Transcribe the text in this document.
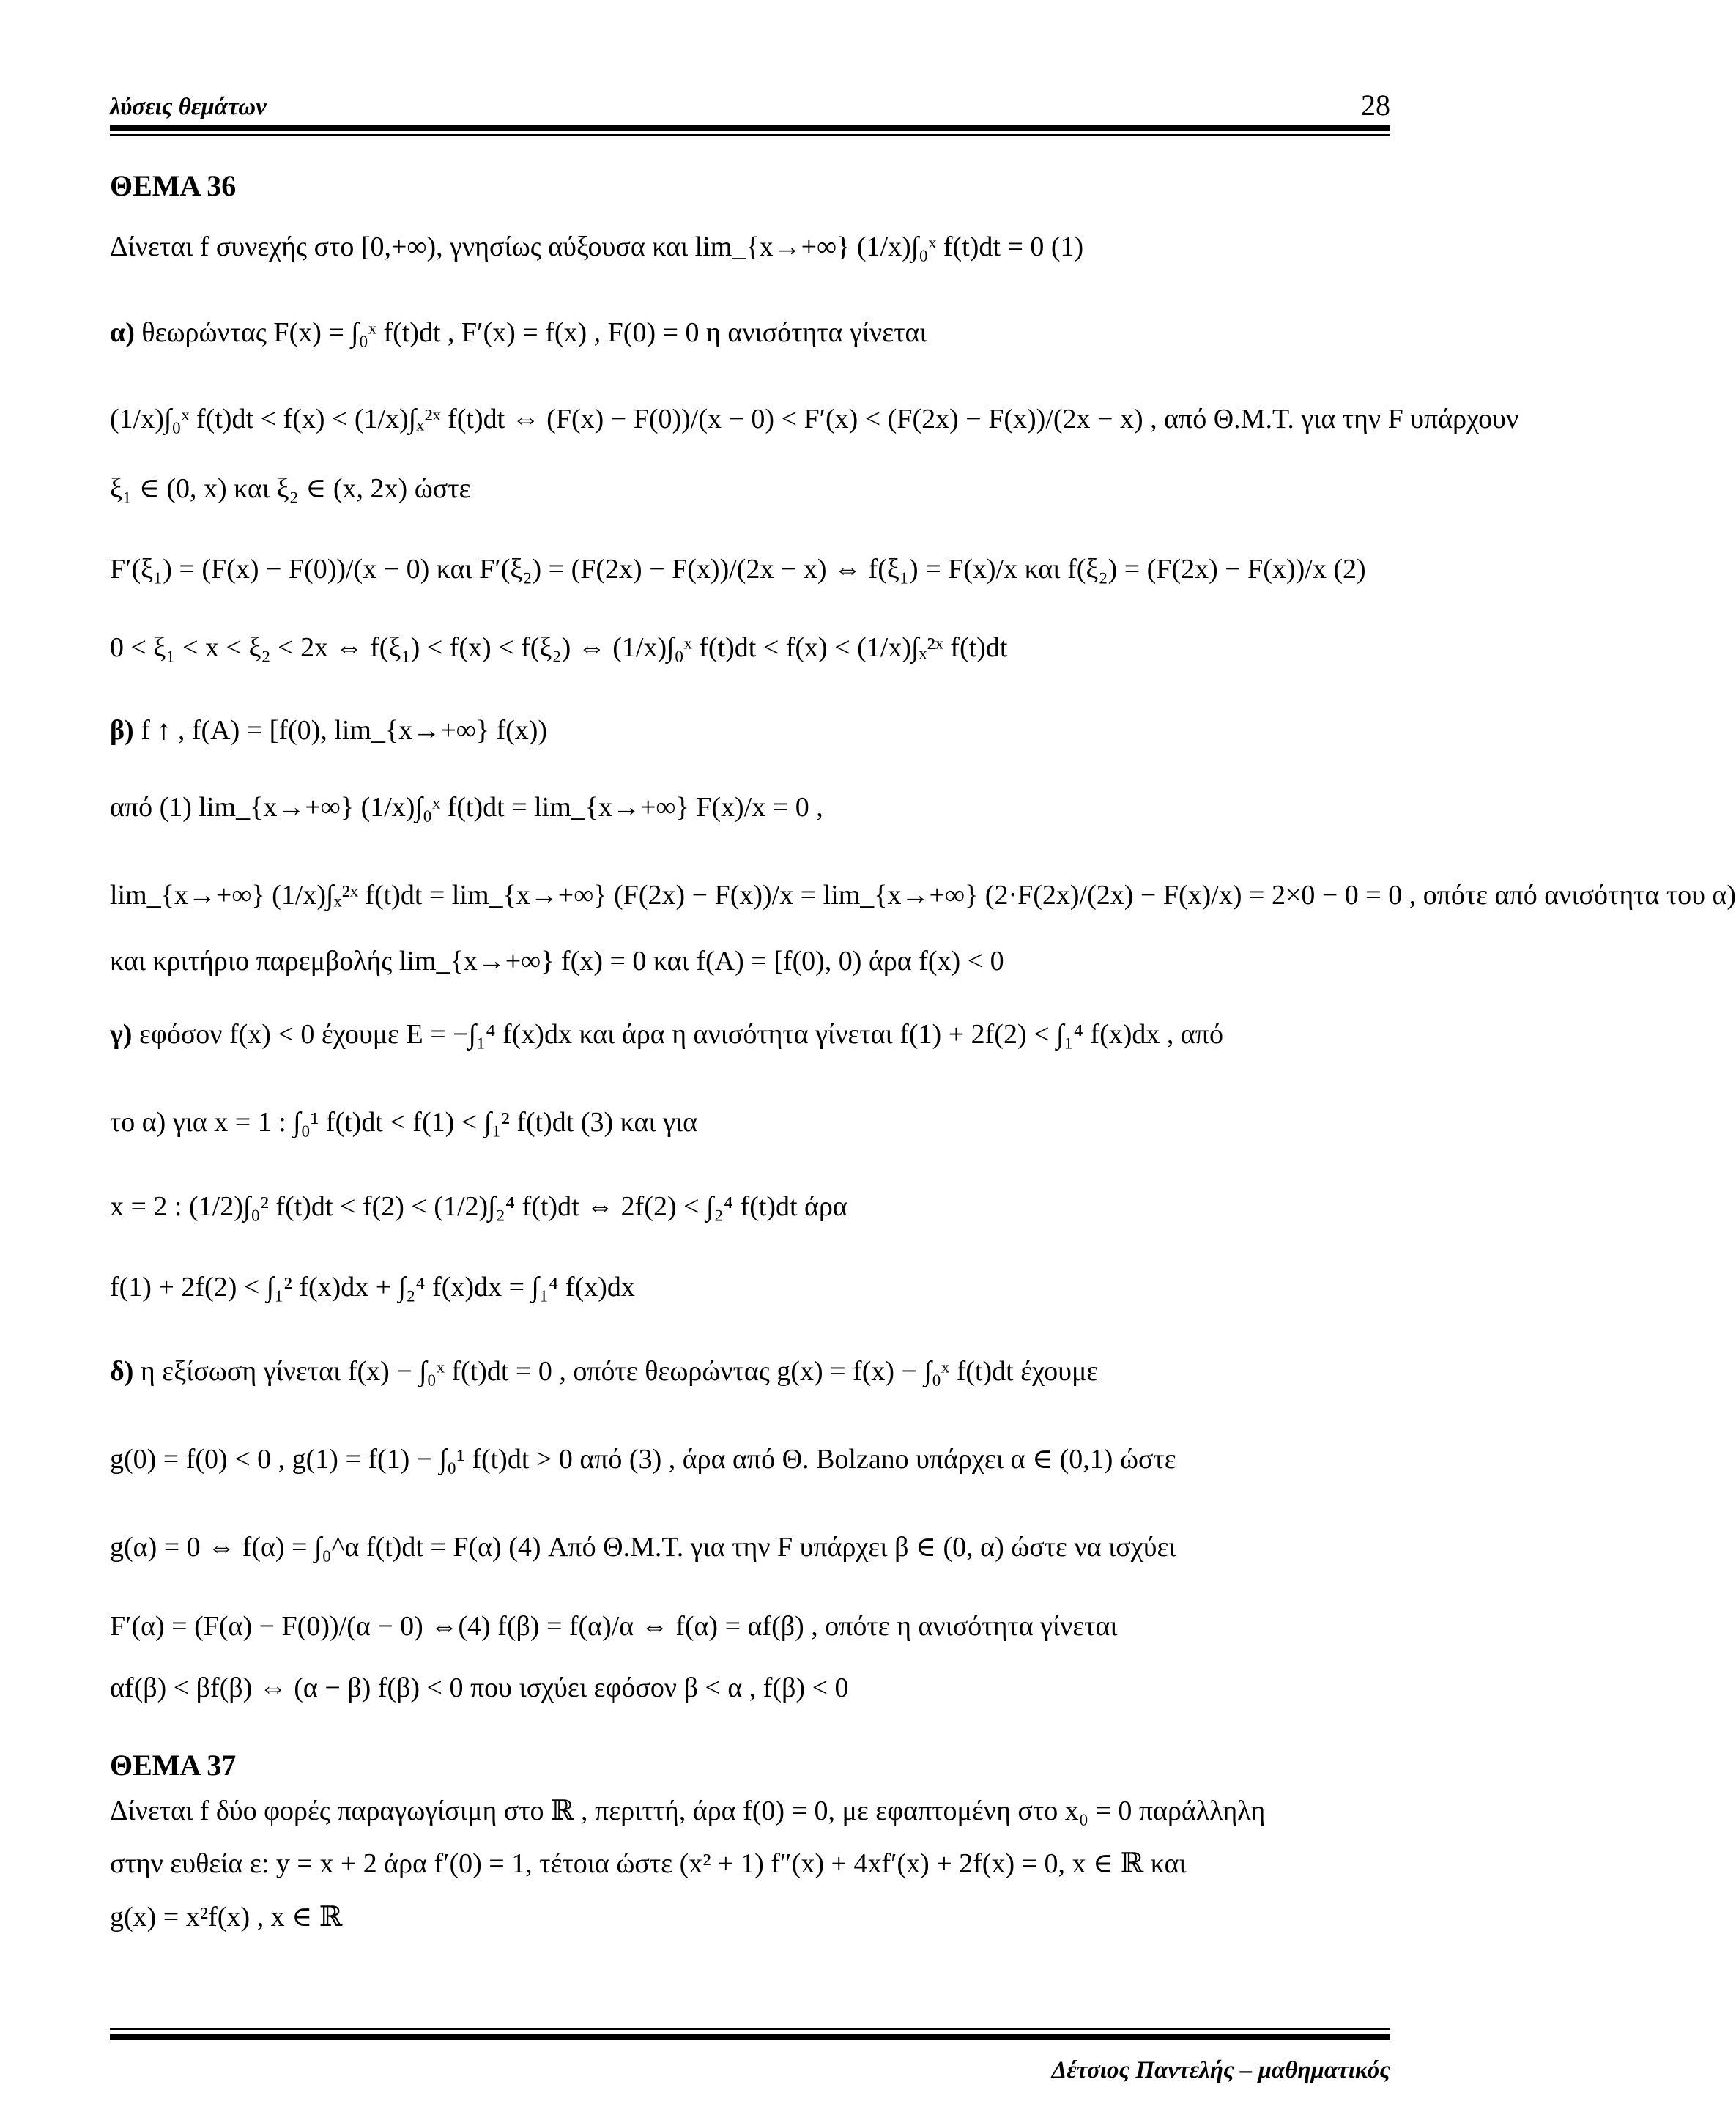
λύσεις θεμάτων	28
ΘΕΜΑ 36
Δίνεται f συνεχής στο [0,+∞), γνησίως αύξουσα και lim_{x→+∞} (1/x)∫₀ˣ f(t)dt = 0 (1)
α) θεωρώντας F(x) = ∫₀ˣ f(t)dt , F′(x) = f(x) , F(0) = 0 η ανισότητα γίνεται
(1/x)∫₀ˣ f(t)dt < f(x) < (1/x)∫ₓ²ˣ f(t)dt ⇔ (F(x) − F(0))/(x − 0) < F′(x) < (F(2x) − F(x))/(2x − x) , από Θ.Μ.Τ. για την F υπάρχουν
ξ₁ ∈ (0, x) και ξ₂ ∈ (x, 2x) ώστε
F′(ξ₁) = (F(x) − F(0))/(x − 0) και F′(ξ₂) = (F(2x) − F(x))/(2x − x) ⇔ f(ξ₁) = F(x)/x και f(ξ₂) = (F(2x) − F(x))/x (2)
0 < ξ₁ < x < ξ₂ < 2x ⇔ f(ξ₁) < f(x) < f(ξ₂) ⇔ (1/x)∫₀ˣ f(t)dt < f(x) < (1/x)∫ₓ²ˣ f(t)dt
β) f ↑ , f(A) = [f(0), lim_{x→+∞} f(x))
από (1) lim_{x→+∞} (1/x)∫₀ˣ f(t)dt = lim_{x→+∞} F(x)/x = 0 ,
lim_{x→+∞} (1/x)∫ₓ²ˣ f(t)dt = lim_{x→+∞} (F(2x) − F(x))/x = lim_{x→+∞} (2·F(2x)/(2x) − F(x)/x) = 2×0 − 0 = 0 , οπότε από ανισότητα του α)
και κριτήριο παρεμβολής lim_{x→+∞} f(x) = 0 και f(A) = [f(0), 0) άρα f(x) < 0
γ) εφόσον f(x) < 0 έχουμε E = −∫₁⁴ f(x)dx και άρα η ανισότητα γίνεται f(1) + 2f(2) < ∫₁⁴ f(x)dx , από
το α) για x = 1 : ∫₀¹ f(t)dt < f(1) < ∫₁² f(t)dt (3) και για
x = 2 : (1/2)∫₀² f(t)dt < f(2) < (1/2)∫₂⁴ f(t)dt ⇔ 2f(2) < ∫₂⁴ f(t)dt άρα
f(1) + 2f(2) < ∫₁² f(x)dx + ∫₂⁴ f(x)dx = ∫₁⁴ f(x)dx
δ) η εξίσωση γίνεται f(x) − ∫₀ˣ f(t)dt = 0 , οπότε θεωρώντας g(x) = f(x) − ∫₀ˣ f(t)dt έχουμε
g(0) = f(0) < 0 , g(1) = f(1) − ∫₀¹ f(t)dt > 0 από (3) , άρα από Θ. Bolzano υπάρχει α ∈ (0,1) ώστε
g(α) = 0 ⇔ f(α) = ∫₀^α f(t)dt = F(α) (4) Από Θ.Μ.Τ. για την F υπάρχει β ∈ (0, α) ώστε να ισχύει
F′(α) = (F(α) − F(0))/(α − 0) ⇔(4) f(β) = f(α)/α ⇔ f(α) = αf(β) , οπότε η ανισότητα γίνεται
αf(β) < βf(β) ⇔ (α − β) f(β) < 0 που ισχύει εφόσον β < α , f(β) < 0
ΘΕΜΑ 37
Δίνεται f δύο φορές παραγωγίσιμη στο ℝ , περιττή, άρα f(0) = 0, με εφαπτομένη στο x₀ = 0 παράλληλη
στην ευθεία ε: y = x + 2 άρα f′(0) = 1, τέτοια ώστε (x² + 1) f″(x) + 4xf′(x) + 2f(x) = 0, x ∈ ℝ και
g(x) = x²f(x) , x ∈ ℝ
Δέτσιος Παντελής – μαθηματικός
